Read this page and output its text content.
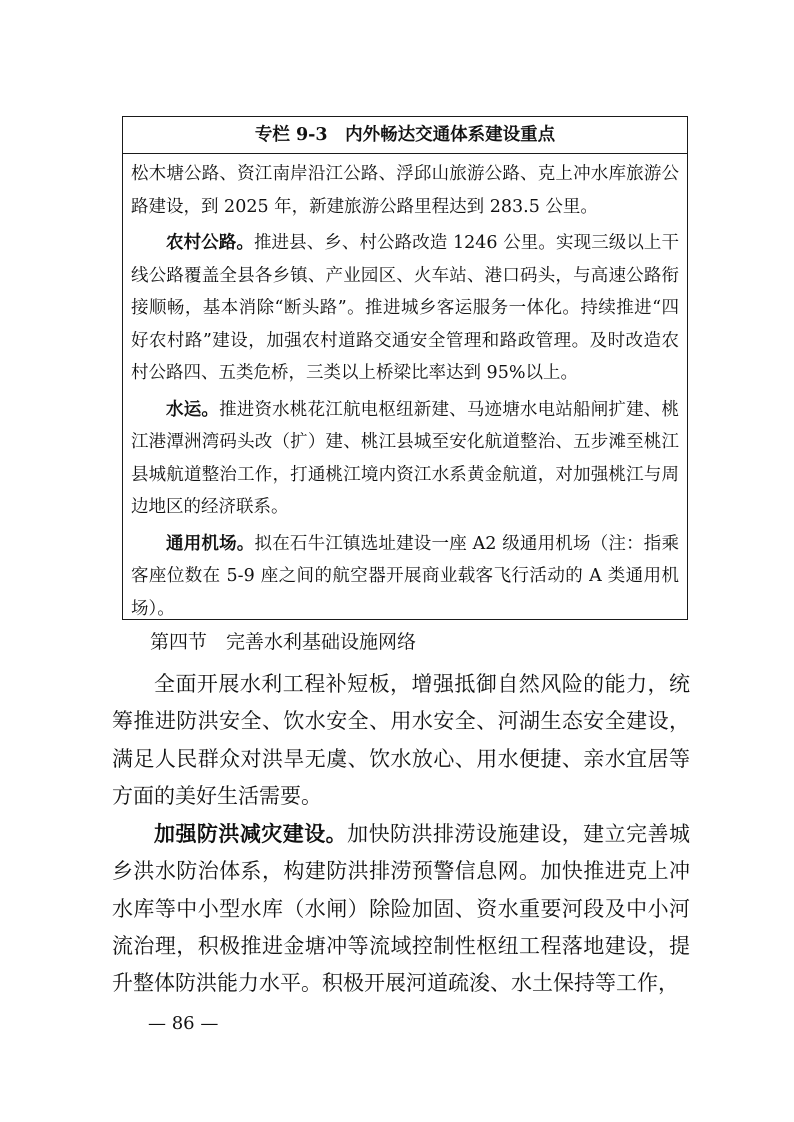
专栏 9-3　内外畅达交通体系建设重点

松木塘公路、资江南岸沿江公路、浮邱山旅游公路、克上冲水库旅游公路建设，到 2025 年，新建旅游公路里程达到 283.5 公里。

农村公路。推进县、乡、村公路改造 1246 公里。实现三级以上干线公路覆盖全县各乡镇、产业园区、火车站、港口码头，与高速公路衔接顺畅，基本消除“断头路”。推进城乡客运服务一体化。持续推进“四好农村路”建设，加强农村道路交通安全管理和路政管理。及时改造农村公路四、五类危桥，三类以上桥梁比率达到 95%以上。

水运。推进资水桃花江航电枢纽新建、马迹塘水电站船闸扩建、桃江港潭洲湾码头改（扩）建、桃江县城至安化航道整治、五步滩至桃江县城航道整治工作，打通桃江境内资江水系黄金航道，对加强桃江与周边地区的经济联系。

通用机场。拟在石牛江镇选址建设一座 A2 级通用机场（注：指乘客座位数在 5-9 座之间的航空器开展商业载客飞行活动的 A 类通用机场）。

第四节　完善水利基础设施网络

全面开展水利工程补短板，增强抵御自然风险的能力，统筹推进防洪安全、饮水安全、用水安全、河湖生态安全建设，满足人民群众对洪旱无虞、饮水放心、用水便捷、亲水宜居等方面的美好生活需要。

加强防洪减灾建设。加快防洪排涝设施建设，建立完善城乡洪水防治体系，构建防洪排涝预警信息网。加快推进克上冲水库等中小型水库（水闸）除险加固、资水重要河段及中小河流治理，积极推进金塘冲等流域控制性枢纽工程落地建设，提升整体防洪能力水平。积极开展河道疏浚、水土保持等工作，

— 86 —
